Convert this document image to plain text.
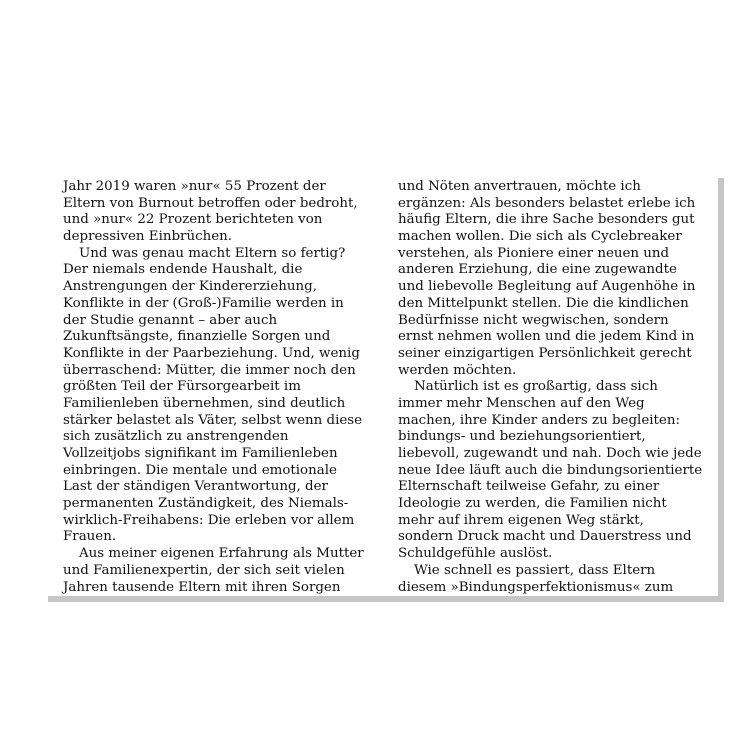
Jahr 2019 waren »nur« 55 Prozent der
Eltern von Burnout betroffen oder bedroht,
und »nur« 22 Prozent berichteten von
depressiven Einbrüchen.
Und was genau macht Eltern so fertig?
Der niemals endende Haushalt, die
Anstrengungen der Kindererziehung,
Konflikte in der (Groß-)Familie werden in
der Studie genannt – aber auch
Zukunftsängste, finanzielle Sorgen und
Konflikte in der Paarbeziehung. Und, wenig
überraschend: Mütter, die immer noch den
größten Teil der Fürsorgearbeit im
Familienleben übernehmen, sind deutlich
stärker belastet als Väter, selbst wenn diese
sich zusätzlich zu anstrengenden
Vollzeitjobs signifikant im Familienleben
einbringen. Die mentale und emotionale
Last der ständigen Verantwortung, der
permanenten Zuständigkeit, des Niemals-
wirklich-Freihabens: Die erleben vor allem
Frauen.
Aus meiner eigenen Erfahrung als Mutter
und Familienexpertin, der sich seit vielen
Jahren tausende Eltern mit ihren Sorgen
und Nöten anvertrauen, möchte ich
ergänzen: Als besonders belastet erlebe ich
häufig Eltern, die ihre Sache besonders gut
machen wollen. Die sich als Cyclebreaker
verstehen, als Pioniere einer neuen und
anderen Erziehung, die eine zugewandte
und liebevolle Begleitung auf Augenhöhe in
den Mittelpunkt stellen. Die die kindlichen
Bedürfnisse nicht wegwischen, sondern
ernst nehmen wollen und die jedem Kind in
seiner einzigartigen Persönlichkeit gerecht
werden möchten.
Natürlich ist es großartig, dass sich
immer mehr Menschen auf den Weg
machen, ihre Kinder anders zu begleiten:
bindungs- und beziehungsorientiert,
liebevoll, zugewandt und nah. Doch wie jede
neue Idee läuft auch die bindungsorientierte
Elternschaft teilweise Gefahr, zu einer
Ideologie zu werden, die Familien nicht
mehr auf ihrem eigenen Weg stärkt,
sondern Druck macht und Dauerstress und
Schuldgefühle auslöst.
Wie schnell es passiert, dass Eltern
diesem »Bindungsperfektionismus« zum
